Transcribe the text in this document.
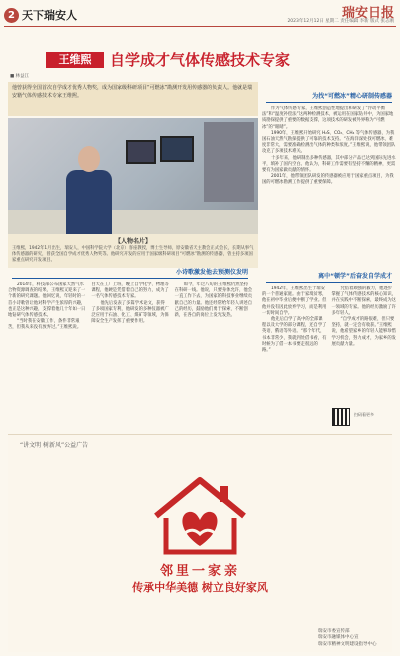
2 天下瑞安人	瑞安日报
2023年12月12日 星期二 责任编辑 李新 版式 张志刚
王维熙	自学成才气体传感技术专家
■ 林益江

他曾获得全国首次自学成才优秀人物奖，成为国家级科研项目“可燃冰”勘测开发用传感器的负责人。他就是瑞安籍气体传感技术专家王维熙。

【人物名片】

王维熙，1942年1月出生，瑞安人，中国科学院大学（北京）客座教授，博士生导师，原安徽省天主教会正式会长，长期从事气体传感器的研究，曾获全国自学成才优秀人物奖等。他研究开发的应用于国家级科研项目“可燃冰”勘测的传感器，曾主持多项国家重点研究开发项目。

为找“可燃冰”精心研制传感器

作为气体传感专家，王维熙创造性地提出和研发了“浮动平衡法”和“温度补偿法”这两种检测技术，被运用在国家钻井中，为国家地质勘探提供了重要的数据支撑，这项技术的研发被外界称为“可燃冰”的“眼睛”。

1990年，王维熙开始研究 H₂S、CO₂、CH₄ 等气体传感器，为我国石油天然气勘探提供了可靠的技术支持。“在海洋深处找可燃冰，难度非常大，需要准确检测出气体的种类和浓度。”王维熙说，他带领团队攻克了多项技术难关。

十多年来，他研制出多种传感器，其中部分产品已达到国际先进水平，填补了国内空白。他认为，科研工作需要有坚持不懈的精神，更需要有为国家做贡献的情怀。

2001年，他带领团队研发的传感器被应用于国家重点项目，为我国的可燃冰勘测工作提供了重要保障。

小诗歌激发他去预测仪发明

2014年，科技部公布国家天然气水合物资源调查的结果，王维熙又迎来了一个新的研究课题。他回忆说，年轻时的一首小诗歌曾让他对科学产生浓厚的兴趣，也正是这种兴趣，支撑着他几十年如一日地钻研气体传感技术。

“当时我在安徽工作，条件非常艰苦，但我从来没有放弃过。”王维熙说。白天在工厂上班，晚上自学化学、物理等课程，他硬是凭借着自己的努力，成为了一名气体传感技术专家。

他先后发表了多篇学术论文，获得了多项国家专利，他研发的多种仪器被广泛应用于石油、化工、煤矿等领域，为保障安全生产发挥了重要作用。

如今，年过八旬的王维熙仍然坚持在科研一线。他说，只要身体允许，他会一直工作下去，为国家的科技事业继续贡献自己的力量。他还经常给年轻人讲述自己的经历，鼓励他们勇于探索、不断创新，在各自的岗位上发光发热。

离中“顿学”后奋发自学成才

1942年，王维熙出生于瑞安的一个普通家庭。由于家境贫寒，他在初中毕业后便中断了学业。但他并没有因此放弃学习，而是利用一切时间自学。

他先后自学了高中的全部课程以及大学的部分课程，还自学了英语、俄语等外语。“那个年代，书本非常少，我就到处借书看，有时候为了借一本书要走很远的路。”

凭借着顽强的毅力，他逐步掌握了气体传感技术的核心知识，并在实践中不断探索，最终成为这一领域的专家。他的经历激励了许多年轻人。

“自学成才的路很难，但只要坚持，就一定会有收获。”王维熙说，他希望家乡的年轻人能够珍惜学习机会，努力成才，为家乡的发展贡献力量。

扫码看更多
“讲文明 树新风”公益广告
邻里一家亲
传承中华美德 树立良好家风
瑞安市委宣传部
瑞安市融媒体中心宣
瑞安市精神文明建设指导中心
